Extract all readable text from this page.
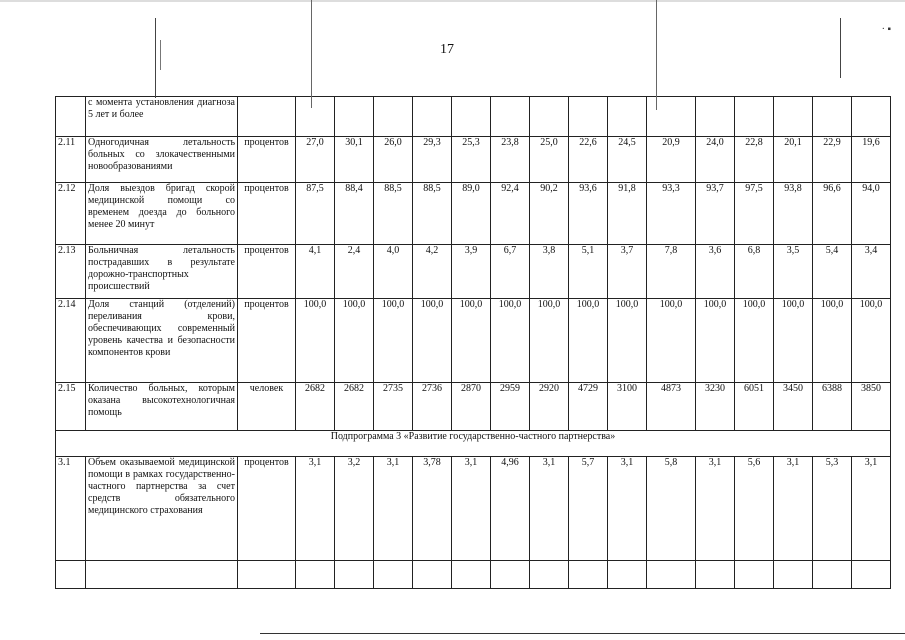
17
· ▪
	с момента установления диагноза 5 лет и более																
2.11	Одногодичная летальность больных со злокачественными новообразованиями	процентов	27,0	30,1	26,0	29,3	25,3	23,8	25,0	22,6	24,5	20,9	24,0	22,8	20,1	22,9	19,6
2.12	Доля выездов бригад скорой медицинской помощи со временем доезда до больного менее 20 минут	процентов	87,5	88,4	88,5	88,5	89,0	92,4	90,2	93,6	91,8	93,3	93,7	97,5	93,8	96,6	94,0
2.13	Больничная летальность пострадавших в результате дорожно-транспортных происшествий	процентов	4,1	2,4	4,0	4,2	3,9	6,7	3,8	5,1	3,7	7,8	3,6	6,8	3,5	5,4	3,4
2.14	Доля станций (отделений) переливания крови, обеспечивающих современный уровень качества и безопасности компонентов крови	процентов	100,0	100,0	100,0	100,0	100,0	100,0	100,0	100,0	100,0	100,0	100,0	100,0	100,0	100,0	100,0
2.15	Количество больных, которым оказана высокотехнологичная помощь	человек	2682	2682	2735	2736	2870	2959	2920	4729	3100	4873	3230	6051	3450	6388	3850
Подпрограмма 3 «Развитие государственно-частного партнерства»																	
3.1	Объем оказываемой медицинской помощи в рамках государственно-частного партнерства за счет средств обязательного медицинского страхования	процентов	3,1	3,2	3,1	3,78	3,1	4,96	3,1	5,7	3,1	5,8	3,1	5,6	3,1	5,3	3,1
